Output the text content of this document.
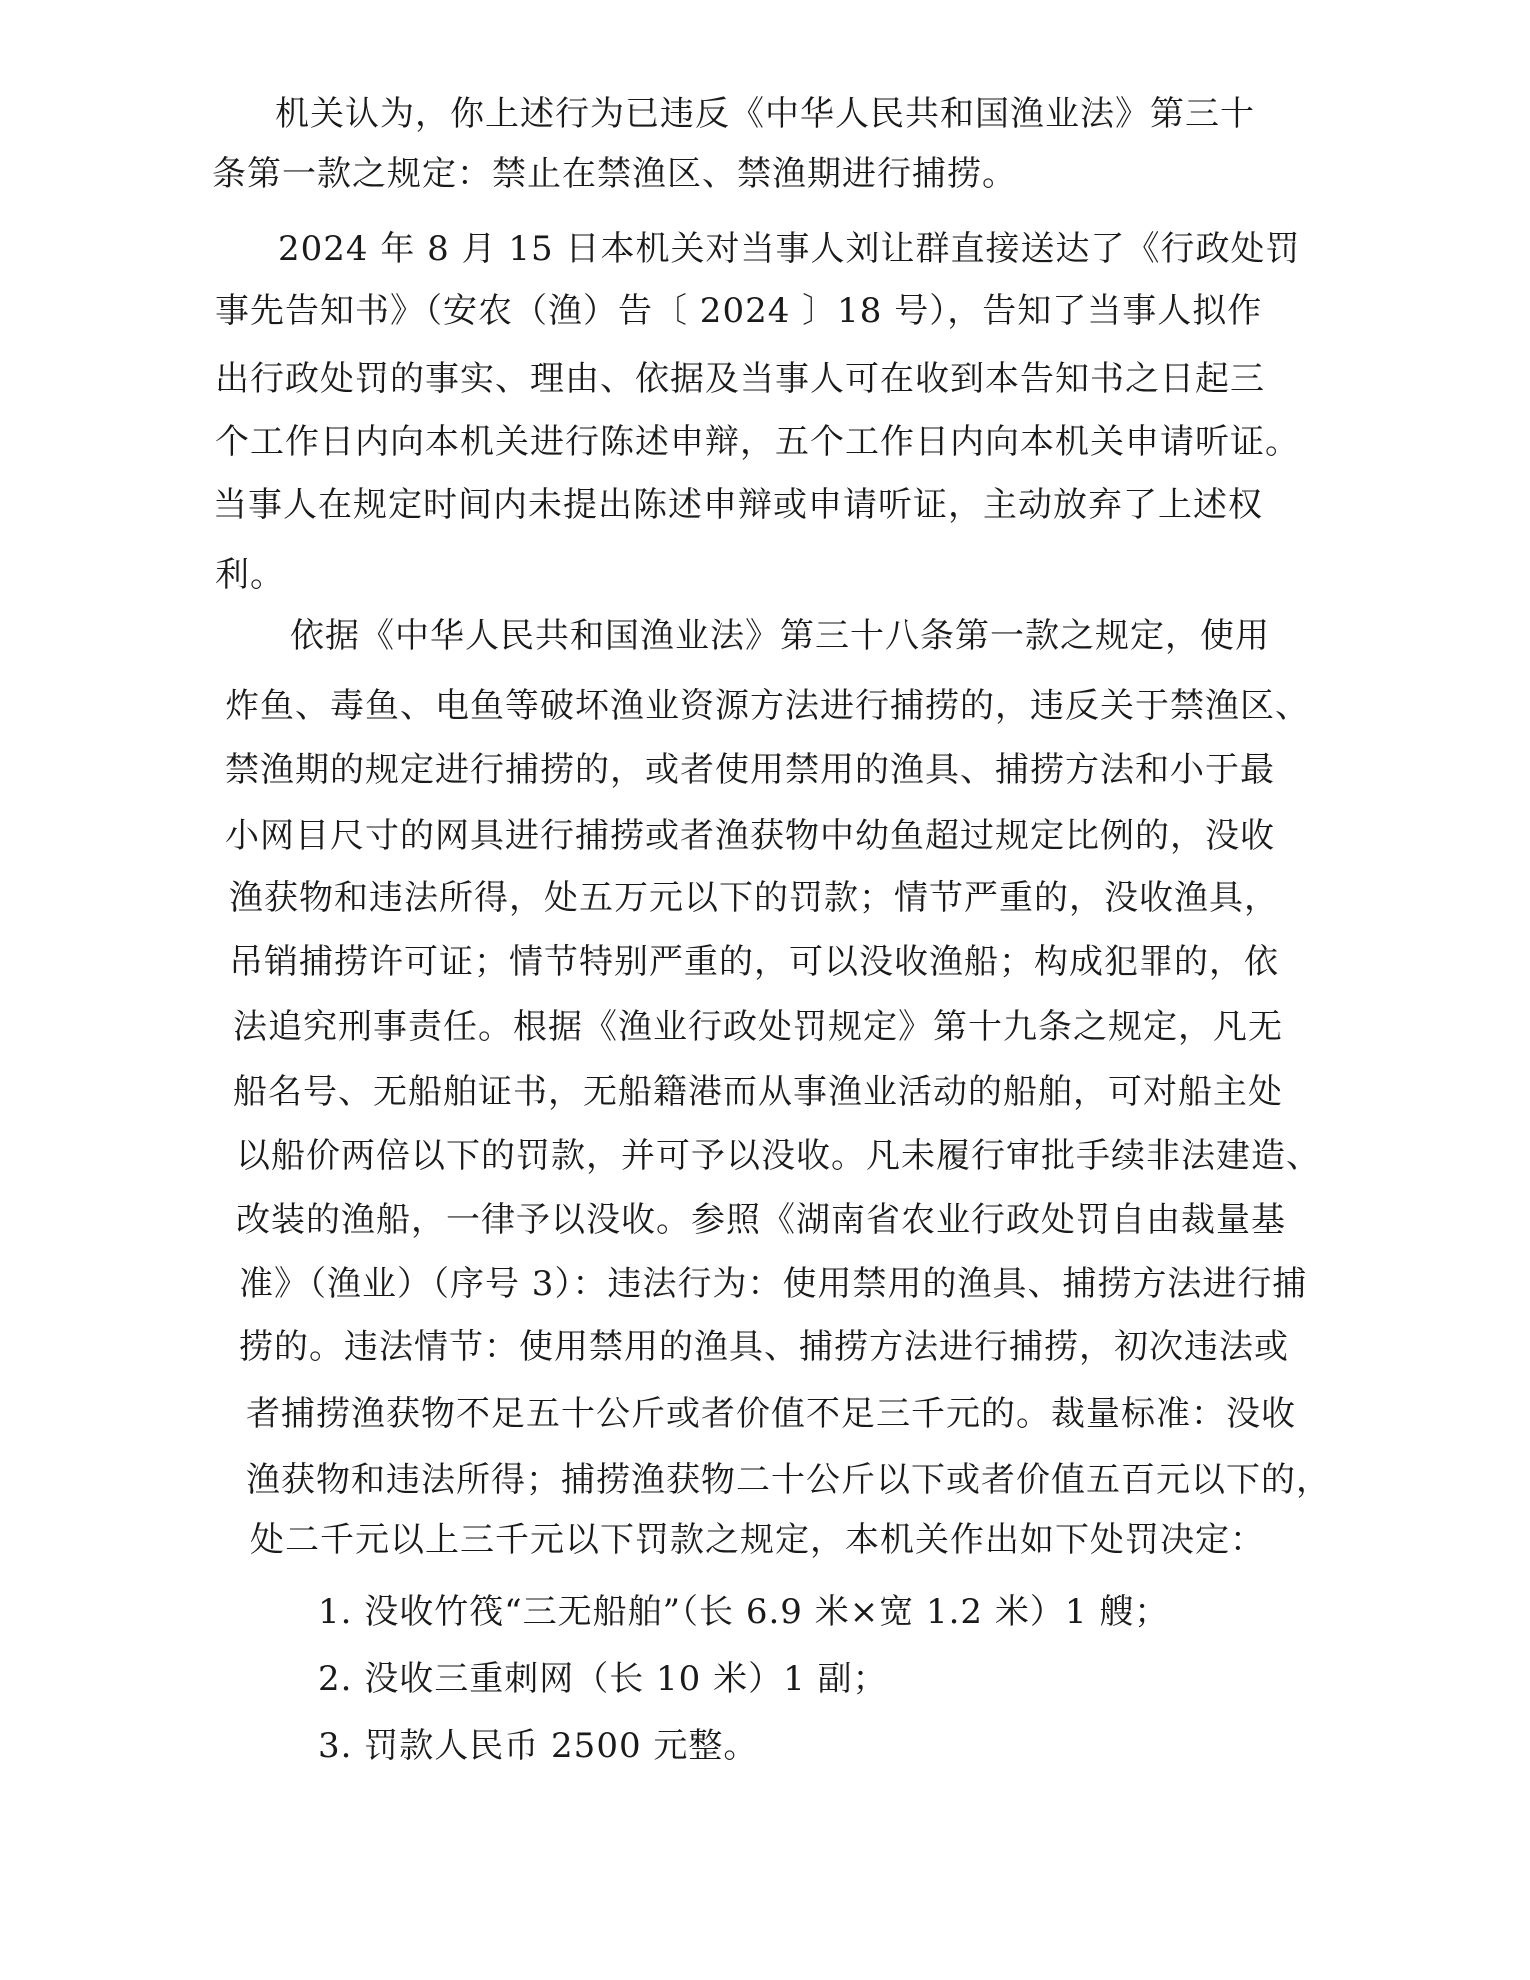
机关认为，你上述行为已违反《中华人民共和国渔业法》第三十
条第一款之规定：禁止在禁渔区、禁渔期进行捕捞。
2024 年 8 月 15 日本机关对当事人刘让群直接送达了《行政处罚
事先告知书》（安农（渔）告〔 2024 〕18 号），告知了当事人拟作
出行政处罚的事实、理由、依据及当事人可在收到本告知书之日起三
个工作日内向本机关进行陈述申辩，五个工作日内向本机关申请听证。
当事人在规定时间内未提出陈述申辩或申请听证，主动放弃了上述权
利。
依据《中华人民共和国渔业法》第三十八条第一款之规定，使用
炸鱼、毒鱼、电鱼等破坏渔业资源方法进行捕捞的，违反关于禁渔区、
禁渔期的规定进行捕捞的，或者使用禁用的渔具、捕捞方法和小于最
小网目尺寸的网具进行捕捞或者渔获物中幼鱼超过规定比例的，没收
渔获物和违法所得，处五万元以下的罚款；情节严重的，没收渔具，
吊销捕捞许可证；情节特别严重的，可以没收渔船；构成犯罪的，依
法追究刑事责任。根据《渔业行政处罚规定》第十九条之规定，凡无
船名号、无船舶证书，无船籍港而从事渔业活动的船舶，可对船主处
以船价两倍以下的罚款，并可予以没收。凡未履行审批手续非法建造、
改装的渔船，一律予以没收。参照《湖南省农业行政处罚自由裁量基
准》（渔业）（序号 3）：违法行为：使用禁用的渔具、捕捞方法进行捕
捞的。违法情节：使用禁用的渔具、捕捞方法进行捕捞，初次违法或
者捕捞渔获物不足五十公斤或者价值不足三千元的。裁量标准：没收
渔获物和违法所得；捕捞渔获物二十公斤以下或者价值五百元以下的，
处二千元以上三千元以下罚款之规定，本机关作出如下处罚决定：
1. 没收竹筏“三无船舶”（长 6.9 米×宽 1.2 米）1 艘；
2. 没收三重刺网（长 10 米）1 副；
3. 罚款人民币 2500 元整。
